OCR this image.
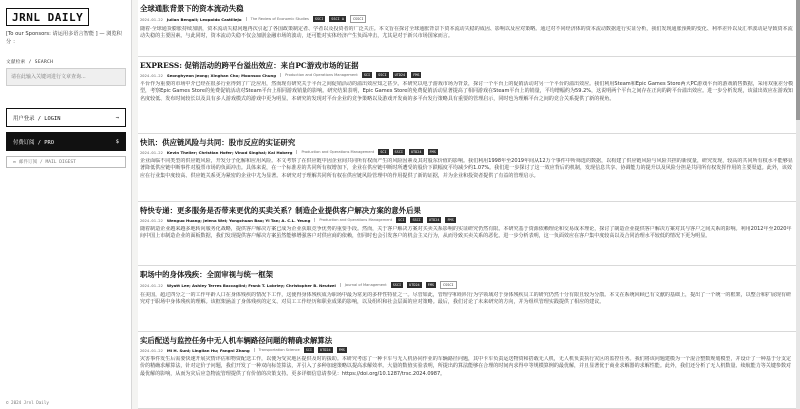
JRNL DAILY
[To our Sponsors: 请运用多语言智能 ] — 浏览积分 ：
文献检索 / SEARCH
请在此输入关键词进行文章查询...
用户登录 / LOGIN	→
付费订阅 / PRO	$
✉ 邮件订阅 / MAIL DIGEST
© 2024 Jrnl Daily
全球通胀背景下的资本流动失稳
2024-01-22 Julian Bengali; Leopoldo Castillejo	The Review of Economic Studies	SSCI	SSCI A	CSSCI
随着·全球通货膨胀持续加剧，资本流动失稳问题再次引起了各国政策制定者、学者以及投资者的广泛关注。本文旨在探讨全球通胀背景下资本流动失稳的成因、影响以及应对策略。通过对不同经济体的资本流动数据进行实证分析，我们发现通胀预期的变化、利率差异以及汇率波动是导致资本流动失稳的主要因素。与此同时，资本流动失稳不仅会加剧金融市场的波动，还可能对实体经济产生负面冲击，尤其是对于新兴市场国家而言。
EXPRESS: 促销活动的跨平台溢出效应：来自PC游戏市场的证据
2024-01-22 Seonghyeon Jeong; Xinghan Cho; Moonsoo Chung	Production and Operations Management	SCI	SSCI	UTD24	FMS
平台作为重要的市场中介已经在很多行业得到了广泛应用，然而现有研究关于平台之间促销活动的溢出效应知之甚少。本研究以电子游戏市场为背景，探讨一个平台上的促销活动对另一个平台的溢出效应。我们利用Steam和Epic Games Store两大PC游戏平台的游戏销售数据，采用双重差分模型，考察Epic Games Store的免费促销活动对Steam平台上相同游戏销量的影响。研究结果表明，Epic Games Store的免费促销活动显著提高了相同游戏在Steam平台上的销量，平均增幅约为59.2%，这说明两个平台之间存在正向的跨平台溢出效应。进一步分析发现，该溢出效应在游戏知名度较低、发布时间较长以及具有多人游戏模式的游戏中更为明显。本研究的发现对平台企业的竞争策略以及游戏开发商的多平台发行策略具有重要的管理启示，同时也为理解平台之间的竞合关系提供了新的视角。
快讯：供应链风险与共同：股市反应的实证研究
2024-01-22 Kevin Theller; Christian Hofer; Vinod Singhal; Kai Hoberg	Production and Operations Management	SCI	SSCI	UTD24	FMS
企业面临不同类型的供应链风险，开发分子化解和应用风险。本文考察了在供应链中因企业间共同所有权而产生的风险因素及其对股东价值的影响。我们利用1998年至2019年间从12万个事件中所筛选的数据，以构建了供应链风险与风险共担的新度量，研究发现，较高的共同所有权水平能够显著降低供应链中断事件对股票市场的负面冲击。具体来说，在一个标准差的共同所有权增加下，企业在供应链中断时所遭受的股价下跌幅度平均减少约1.07%。我们进一步探讨了这一效应背后的机制，发现信息共享、协调能力的提升以及风险分担是共同所有权发挥作用的主要渠道。此外，该效应在行业集中度较高、供应链关系更为紧密的企业中尤为显著。本研究对于理解共同所有权在供应链风险管理中的作用提供了新的证据，并为企业和投资者提供了有益的管理启示。
特快专递：更多服务是否带来更优的买卖关系？制造企业提供客户解决方案的意外后果
2024-01-22 Wenguo Huang; Jelena Wei; Yongchuan Bao; Yi Tan; A. C.L. Yeung	Production and Operations Management	SCI	SSCI	UTD24	FMS
随着制造企业越来越多地转向服务化战略，提供客户解决方案已成为企业获取竞争优势的重要手段。然而，关于客户解决方案对买卖关系影响的实证研究仍然有限。本研究基于资源依赖理论和交易成本理论，探讨了制造企业提供客户解决方案对其与客户之间关系的影响。利用2012年至2020年间中国上市制造企业的面板数据，我们发现提供客户解决方案虽然能够增强客户对供应商的依赖，但同时也会引发客户的机会主义行为，从而导致买卖关系的恶化。进一步分析表明，这一负面效应在客户集中度较高以及合同治理水平较低的情况下更为明显。
职场中的身体残疾：全面审视与统一框架
2024-01-22 Wyatt Lee; Ashley Terres Baccaglini; Frank T. Lobrley; Christopher B. Neutzel	Journal of Management	SSCI	UTD24	FMS	CSSCI
在美国，超过四分之一的工作年龄人口在身体残疾的情况下工作，这使得身体残疾成为职场中最为常见的多样性特征之一。尽管如此，管理学和组织行为学领域对于身体残疾员工的研究仍然十分有限且较为分散。本文在系统回顾已有文献的基础上，提出了一个统一的框架，以整合和扩展现有研究对于职场中身体残疾的理解。该框架涵盖了身体残疾的定义、对员工工作经历和职业成果的影响，以及组织和社会层面的应对策略。最后，我们讨论了未来研究的方向，并为组织管理实践提供了相应的建议。
实后配送与监控任务中无人机车辆路径问题的精确求解算法
2024-01-22 Mi H. Suni; Linglian Hu; Fangni Zhang	Transportation Science	SCI	UTD24	FMS
灾害事件发生后需要快速开展灾情评估和物资配送工作，以便为受灾地区提供及时的援助。本研究考虑了一种卡车与无人机协同作业的车辆路径问题，其中卡车负责运送物资和搭载无人机，无人机负责执行灾区的监控任务。我们将该问题建模为一个混合整数规划模型，并设计了一种基于分支定价的精确求解算法，针对定价子问题，我们开发了一种双向标签算法，并引入了多种加速策略以提高求解效率。大量的数值实验表明，所提出的算法能够在合理的时间内求得中等规模算例的最优解，并且显著优于商业求解器的求解性能。此外，我们还分析了无人机数量、续航能力等关键参数对最优解的影响，从而为灾后应急物流管理提供了有价值的决策支持。更多详细信息请参见：https://doi.org/10.1287/trsc.2024.0987。
